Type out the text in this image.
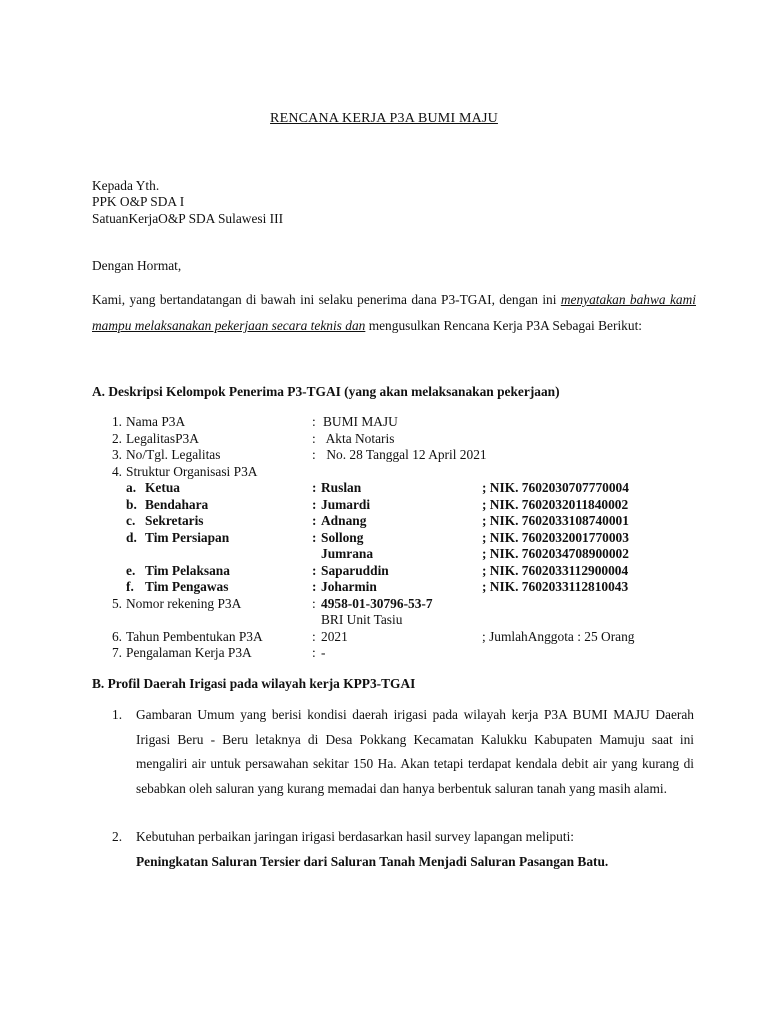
RENCANA KERJA P3A BUMI MAJU
Kepada Yth.
PPK O&P SDA I
SatuanKerjaO&P SDA Sulawesi III
Dengan Hormat,
Kami, yang bertandatangan di bawah ini selaku penerima dana P3-TGAI, dengan ini menyatakan bahwa kami mampu melaksanakan pekerjaan secara teknis dan mengusulkan Rencana Kerja P3A Sebagai Berikut:
A. Deskripsi Kelompok Penerima P3-TGAI (yang akan melaksanakan pekerjaan)
1. Nama P3A	: BUMI MAJU
2. LegalitasP3A	: Akta Notaris
3. No/Tgl. Legalitas	: No. 28 Tanggal 12 April 2021
4. Struktur Organisasi P3A
a. Ketua	: Ruslan	; NIK. 7602030707770004
b. Bendahara	: Jumardi	; NIK. 7602032011840002
c. Sekretaris	: Adnang	; NIK. 7602033108740001
d. Tim Persiapan	: Sollong	; NIK. 7602032001770003
Jumrana	; NIK. 7602034708900002
e. Tim Pelaksana	: Saparuddin	; NIK. 7602033112900004
f. Tim Pengawas	: Joharmin	; NIK. 7602033112810043
5. Nomor rekening P3A	: 4958-01-30796-53-7
BRI Unit Tasiu
6. Tahun Pembentukan P3A	: 2021	; JumlahAnggota : 25 Orang
7. Pengalaman Kerja P3A	: -
B. Profil Daerah Irigasi pada wilayah kerja KPP3-TGAI
1. Gambaran Umum yang berisi kondisi daerah irigasi pada wilayah kerja P3A BUMI MAJU Daerah Irigasi Beru - Beru letaknya di Desa Pokkang Kecamatan Kalukku Kabupaten Mamuju saat ini mengaliri air untuk persawahan sekitar 150 Ha. Akan tetapi terdapat kendala debit air yang kurang di sebabkan oleh saluran yang kurang memadai dan hanya berbentuk saluran tanah yang masih alami.
2. Kebutuhan perbaikan jaringan irigasi berdasarkan hasil survey lapangan meliputi:
Peningkatan Saluran Tersier dari Saluran Tanah Menjadi Saluran Pasangan Batu.
